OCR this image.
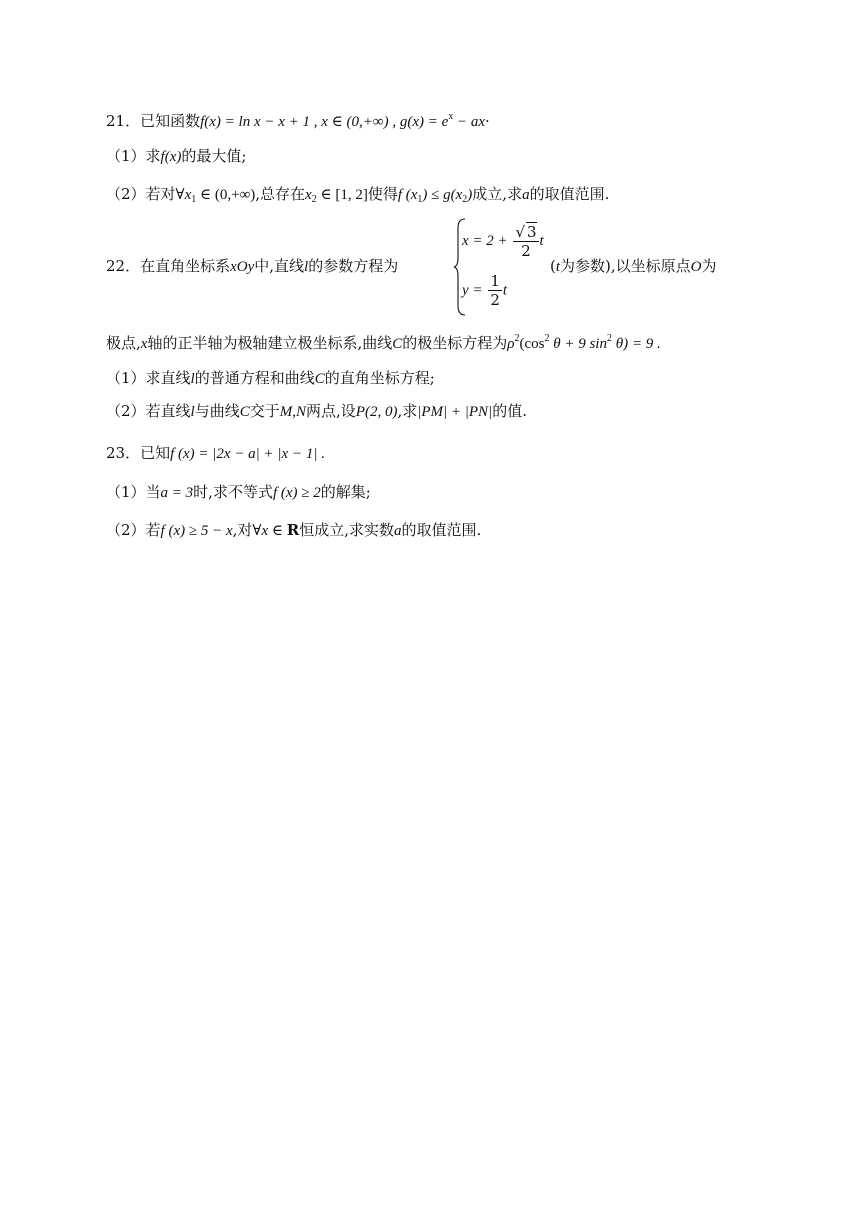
21．已知函数f(x) = ln x − x + 1 , x ∈ (0,+∞) , $g(x) = e^x - ax\cdot$
（1）求f(x)的最大值;
（2）若对$\forall x_1$ ∈ (0,+∞),总存在$x_2$ ∈ [1, 2]使得f $(x_1) \le g(x_2)$成立,求a的取值范围.
$x = 2 + \frac{√ 3}{2}$ t
$y = \frac{1}{2}$ t
22．在直角坐标系xOy中,直线l的参数方程为	(t为参数),以坐标原点O为
极点,x轴的正半轴为极轴建立极坐标系,曲线C的极坐标方程为$\rho^2(\cos^2$ θ + 9 $\sin^2 \theta) = 9$ .
（1）求直线l的普通方程和曲线C的直角坐标方程;
（2）若直线l与曲线C交于M,N两点,设P(2, 0),求|PM| + |PN|的值.
23．已知f (x) = |2x − a| + |x − 1| .
（1）当a = 3时,求不等式f (x) ≥ 2的解集;
（2）若f (x) ≥ 5 − x,对∀x ∈ R恒成立,求实数a的取值范围.
